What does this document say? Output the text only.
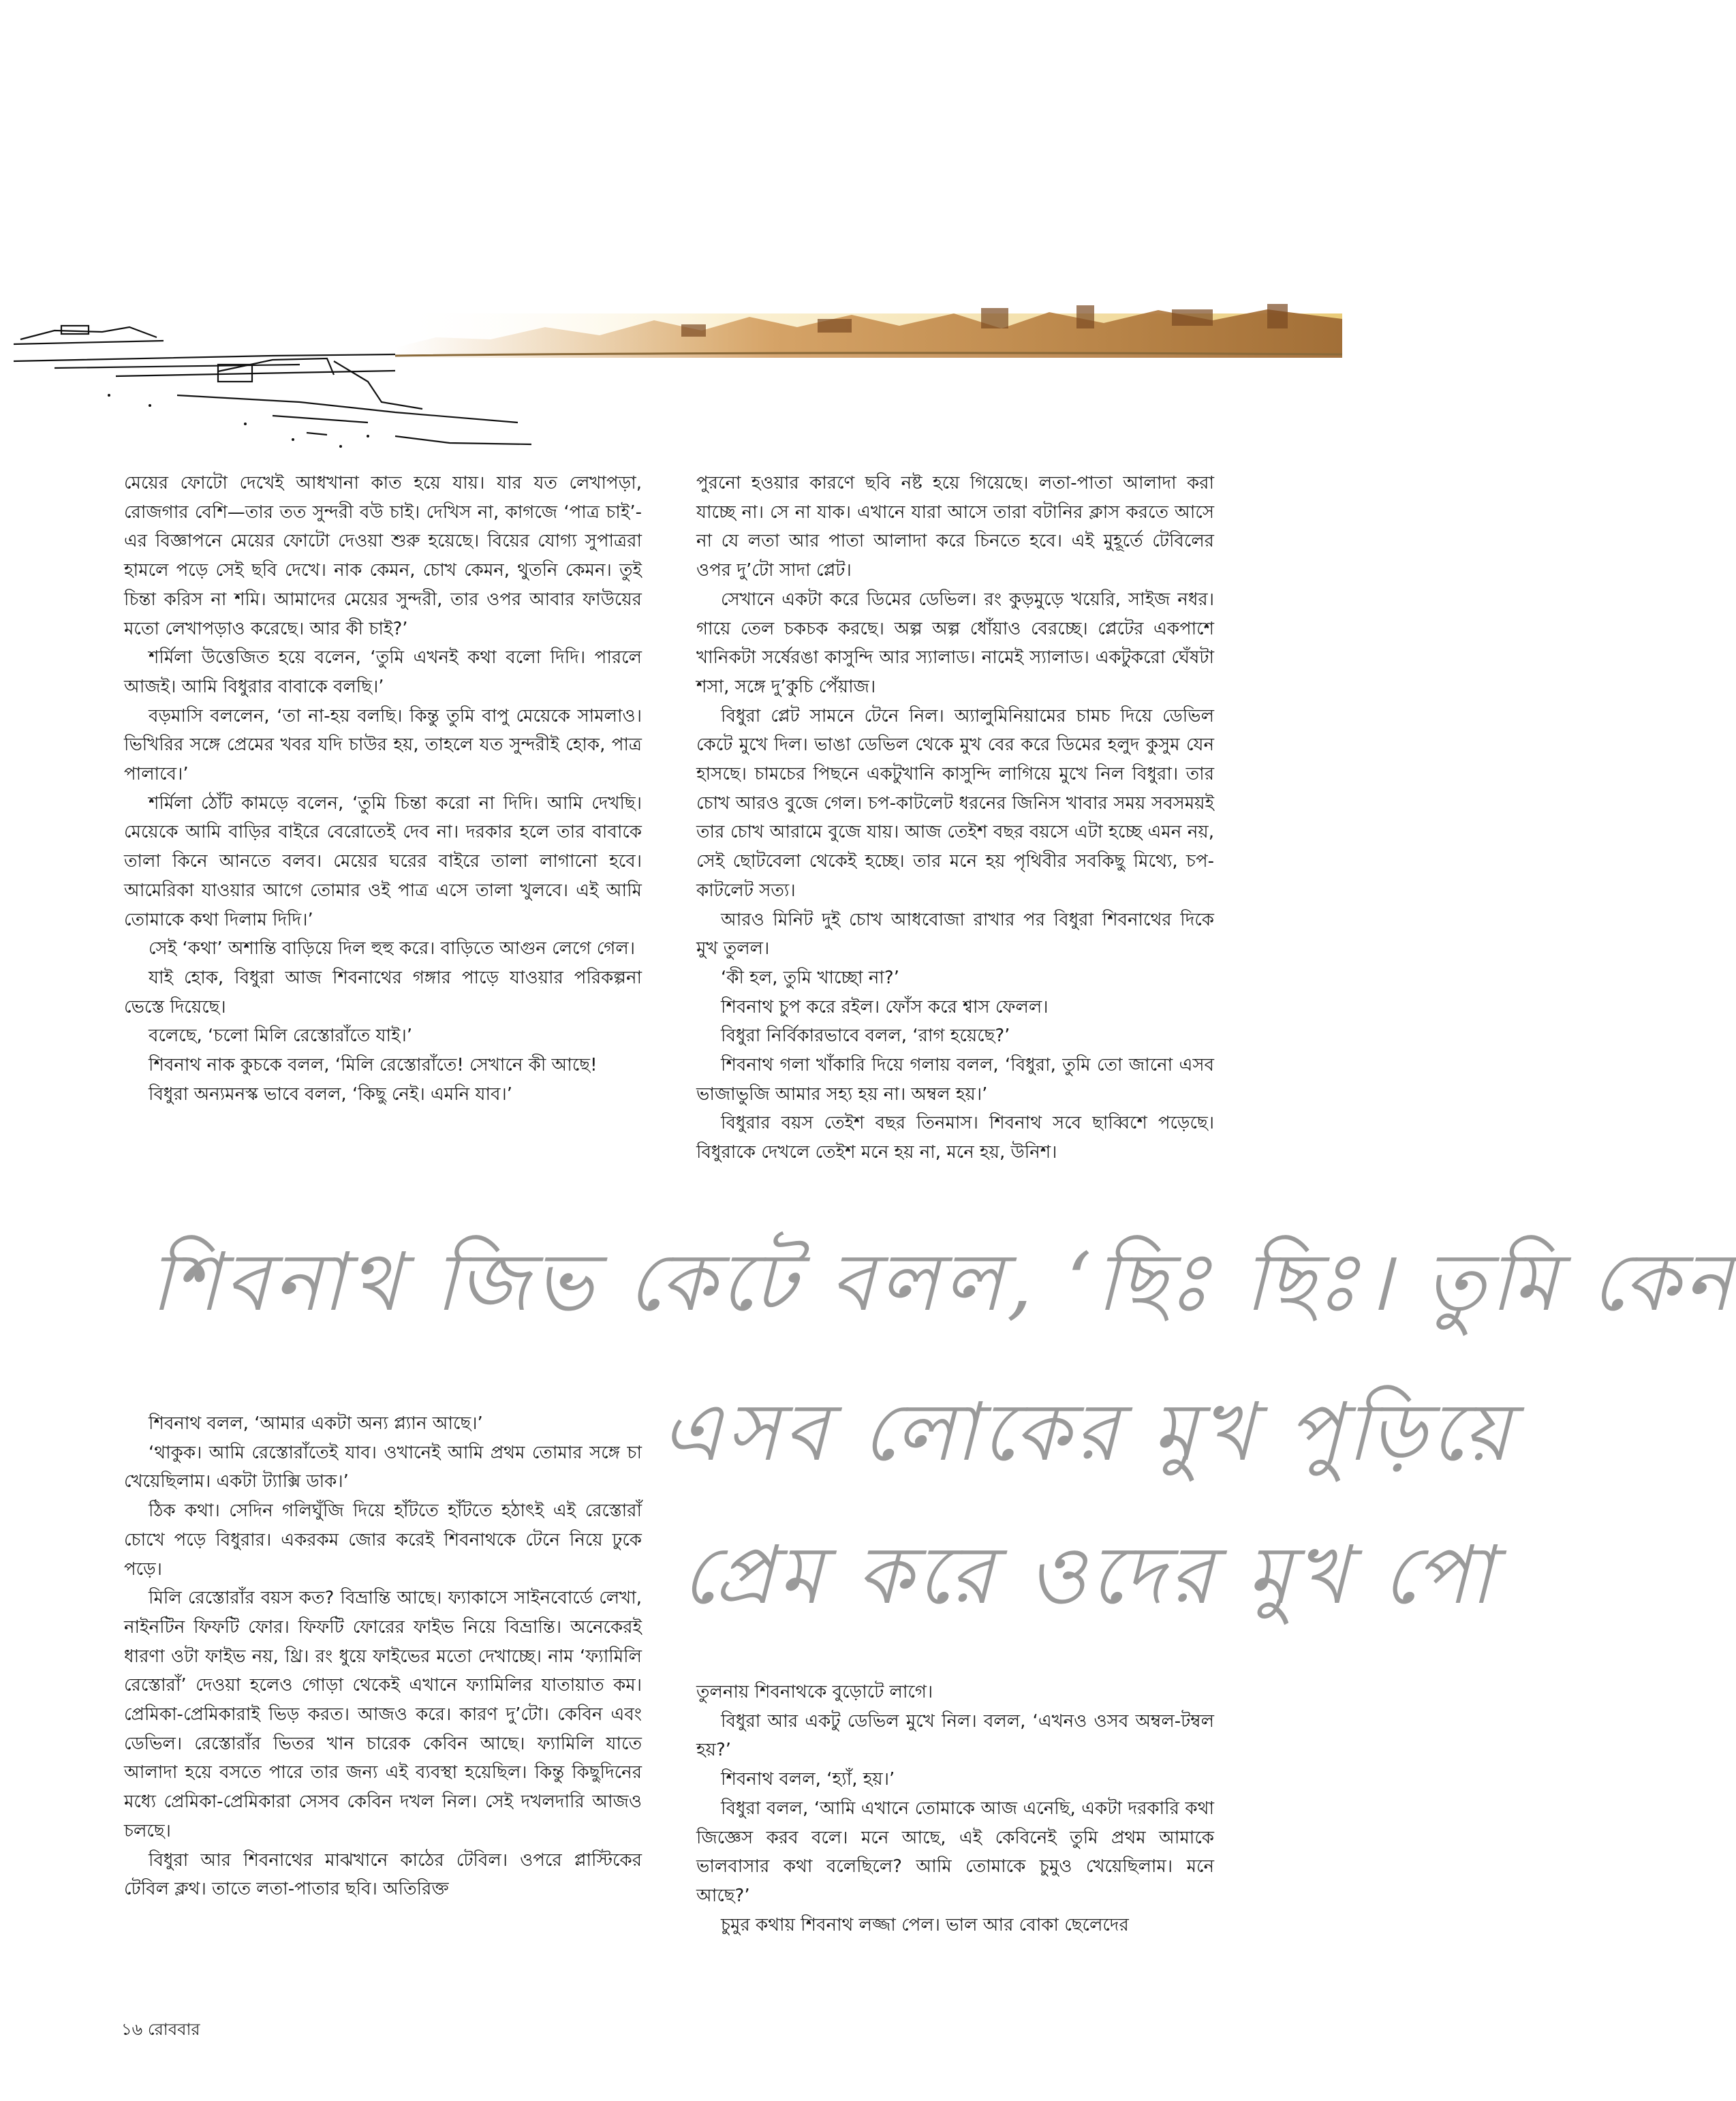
মেয়ের ফোটো দেখেই আধখানা কাত হয়ে যায়। যার যত লেখাপড়া, রোজগার বেশি—তার তত সুন্দরী বউ চাই। দেখিস না, কাগজে ‘পাত্র চাই’-এর বিজ্ঞাপনে মেয়ের ফোটো দেওয়া শুরু হয়েছে। বিয়ের যোগ্য সুপাত্ররা হামলে পড়ে সেই ছবি দেখে। নাক কেমন, চোখ কেমন, থুতনি কেমন। তুই চিন্তা করিস না শমি। আমাদের মেয়ের সুন্দরী, তার ওপর আবার ফাউয়ের মতো লেখাপড়াও করেছে। আর কী চাই?’

শর্মিলা উত্তেজিত হয়ে বলেন, ‘তুমি এখনই কথা বলো দিদি। পারলে আজই। আমি বিধুরার বাবাকে বলছি।’

বড়মাসি বললেন, ‘তা না-হয় বলছি। কিন্তু তুমি বাপু মেয়েকে সামলাও। ভিখিরির সঙ্গে প্রেমের খবর যদি চাউর হয়, তাহলে যত সুন্দরীই হোক, পাত্র পালাবে।’

শর্মিলা ঠোঁট কামড়ে বলেন, ‘তুমি চিন্তা করো না দিদি। আমি দেখছি। মেয়েকে আমি বাড়ির বাইরে বেরোতেই দেব না। দরকার হলে তার বাবাকে তালা কিনে আনতে বলব। মেয়ের ঘরের বাইরে তালা লাগানো হবে। আমেরিকা যাওয়ার আগে তোমার ওই পাত্র এসে তালা খুলবে। এই আমি তোমাকে কথা দিলাম দিদি।’

সেই ‘কথা’ অশান্তি বাড়িয়ে দিল হুহু করে। বাড়িতে আগুন লেগে গেল।

যাই হোক, বিধুরা আজ শিবনাথের গঙ্গার পাড়ে যাওয়ার পরিকল্পনা ভেস্তে দিয়েছে।

বলেছে, ‘চলো মিলি রেস্তোরাঁতে যাই।’

শিবনাথ নাক কুচকে বলল, ‘মিলি রেস্তোরাঁতে! সেখানে কী আছে!

বিধুরা অন্যমনস্ক ভাবে বলল, ‘কিছু নেই। এমনি যাব।’

পুরনো হওয়ার কারণে ছবি নষ্ট হয়ে গিয়েছে। লতা-পাতা আলাদা করা যাচ্ছে না। সে না যাক। এখানে যারা আসে তারা বটানির ক্লাস করতে আসে না যে লতা আর পাতা আলাদা করে চিনতে হবে। এই মুহূর্তে টেবিলের ওপর দু’টো সাদা প্লেট।

সেখানে একটা করে ডিমের ডেভিল। রং কুড়মুড়ে খয়েরি, সাইজ নধর। গায়ে তেল চকচক করছে। অল্প অল্প ধোঁয়াও বেরচ্ছে। প্লেটের একপাশে খানিকটা সর্ষেরঙা কাসুন্দি আর স্যালাড। নামেই স্যালাড। একটুকরো ঘেঁষটা শসা, সঙ্গে দু’কুচি পেঁয়াজ।

বিধুরা প্লেট সামনে টেনে নিল। অ্যালুমিনিয়ামের চামচ দিয়ে ডেভিল কেটে মুখে দিল। ভাঙা ডেভিল থেকে মুখ বের করে ডিমের হলুদ কুসুম যেন হাসছে। চামচের পিছনে একটুখানি কাসুন্দি লাগিয়ে মুখে নিল বিধুরা। তার চোখ আরও বুজে গেল। চপ-কাটলেট ধরনের জিনিস খাবার সময় সবসময়ই তার চোখ আরামে বুজে যায়। আজ তেইশ বছর বয়সে এটা হচ্ছে এমন নয়, সেই ছোটবেলা থেকেই হচ্ছে। তার মনে হয় পৃথিবীর সবকিছু মিথ্যে, চপ-কাটলেট সত্য।

আরও মিনিট দুই চোখ আধবোজা রাখার পর বিধুরা শিবনাথের দিকে মুখ তুলল।

‘কী হল, তুমি খাচ্ছো না?’

শিবনাথ চুপ করে রইল। ফোঁস করে শ্বাস ফেলল।

বিধুরা নির্বিকারভাবে বলল, ‘রাগ হয়েছে?’

শিবনাথ গলা খাঁকারি দিয়ে গলায় বলল, ‘বিধুরা, তুমি তো জানো এসব ভাজাভুজি আমার সহ্য হয় না। অম্বল হয়।’

বিধুরার বয়স তেইশ বছর তিনমাস। শিবনাথ সবে ছাব্বিশে পড়েছে। বিধুরাকে দেখলে তেইশ মনে হয় না, মনে হয়, উনিশ।

শিবনাথ জিভ কেটে বলল, ‘ছিঃ ছিঃ। তুমি কেন
এসব লোকের মুখ পুড়িয়ে
প্রেম করে ওদের মুখ পো

শিবনাথ বলল, ‘আমার একটা অন্য প্ল্যান আছে।’

‘থাকুক। আমি রেস্তোরাঁতেই যাব। ওখানেই আমি প্রথম তোমার সঙ্গে চা খেয়েছিলাম। একটা ট্যাক্সি ডাক।’

ঠিক কথা। সেদিন গলিঘুঁজি দিয়ে হাঁটতে হাঁটতে হঠাৎই এই রেস্তোরাঁ চোখে পড়ে বিধুরার। একরকম জোর করেই শিবনাথকে টেনে নিয়ে ঢুকে পড়ে।

মিলি রেস্তোরাঁর বয়স কত? বিভ্রান্তি আছে। ফ্যাকাসে সাইনবোর্ডে লেখা, নাইনটিন ফিফটি ফোর। ফিফটি ফোরের ফাইভ নিয়ে বিভ্রান্তি। অনেকেরই ধারণা ওটা ফাইভ নয়, থ্রি। রং ধুয়ে ফাইভের মতো দেখাচ্ছে। নাম ‘ফ্যামিলি রেস্তোরাঁ’ দেওয়া হলেও গোড়া থেকেই এখানে ফ্যামিলির যাতায়াত কম। প্রেমিকা-প্রেমিকারাই ভিড় করত। আজও করে। কারণ দু’টো। কেবিন এবং ডেভিল। রেস্তোরাঁর ভিতর খান চারেক কেবিন আছে। ফ্যামিলি যাতে আলাদা হয়ে বসতে পারে তার জন্য এই ব্যবস্থা হয়েছিল। কিন্তু কিছুদিনের মধ্যে প্রেমিকা-প্রেমিকারা সেসব কেবিন দখল নিল। সেই দখলদারি আজও চলছে।

বিধুরা আর শিবনাথের মাঝখানে কাঠের টেবিল। ওপরে প্লাস্টিকের টেবিল ক্লথ। তাতে লতা-পাতার ছবি। অতিরিক্ত

তুলনায় শিবনাথকে বুড়োটে লাগে।

বিধুরা আর একটু ডেভিল মুখে নিল। বলল, ‘এখনও ওসব অম্বল-টম্বল হয়?’

শিবনাথ বলল, ‘হ্যাঁ, হয়।’

বিধুরা বলল, ‘আমি এখানে তোমাকে আজ এনেছি, একটা দরকারি কথা জিজ্ঞেস করব বলে। মনে আছে, এই কেবিনেই তুমি প্রথম আমাকে ভালবাসার কথা বলেছিলে? আমি তোমাকে চুমুও খেয়েছিলাম। মনে আছে?’

চুমুর কথায় শিবনাথ লজ্জা পেল। ভাল আর বোকা ছেলেদের

১৬ রোববার
